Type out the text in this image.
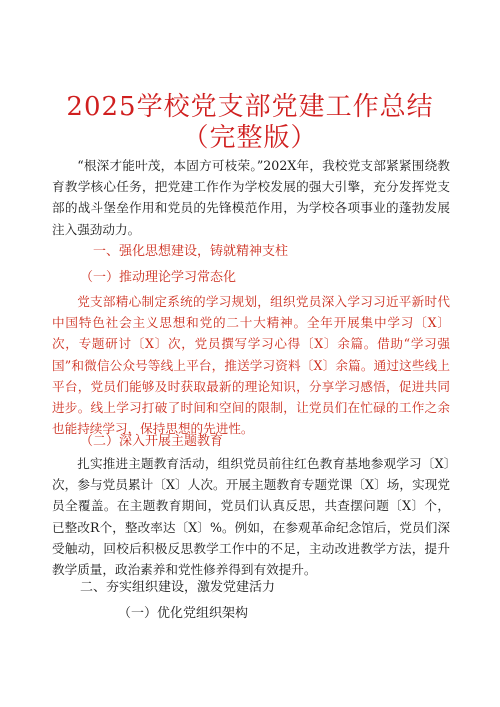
2025学校党支部党建工作总结
（完整版）

“根深才能叶茂，本固方可枝荣。”202X年，我校党支部紧紧围绕教育教学核心任务，把党建工作作为学校发展的强大引擎，充分发挥党支部的战斗堡垒作用和党员的先锋模范作用，为学校各项事业的蓬勃发展注入强劲动力。

一、强化思想建设，铸就精神支柱
（一）推动理论学习常态化

党支部精心制定系统的学习规划，组织党员深入学习习近平新时代中国特色社会主义思想和党的二十大精神。全年开展集中学习〔X〕次，专题研讨〔X〕次，党员撰写学习心得〔X〕余篇。借助“学习强国”和微信公众号等线上平台，推送学习资料〔X〕余篇。通过这些线上平台，党员们能够及时获取最新的理论知识，分享学习感悟，促进共同进步。线上学习打破了时间和空间的限制，让党员们在忙碌的工作之余也能持续学习，保持思想的先进性。

（二）深入开展主题教育

扎实推进主题教育活动，组织党员前往红色教育基地参观学习〔X〕次，参与党员累计〔X〕人次。开展主题教育专题党课〔X〕场，实现党员全覆盖。在主题教育期间，党员们认真反思，共查摆问题〔X〕个，已整改R个，整改率达〔X〕%。例如，在参观革命纪念馆后，党员们深受触动，回校后积极反思教学工作中的不足，主动改进教学方法，提升教学质量，政治素养和党性修养得到有效提升。

二、夯实组织建设，激发党建活力
（一）优化党组织架构
